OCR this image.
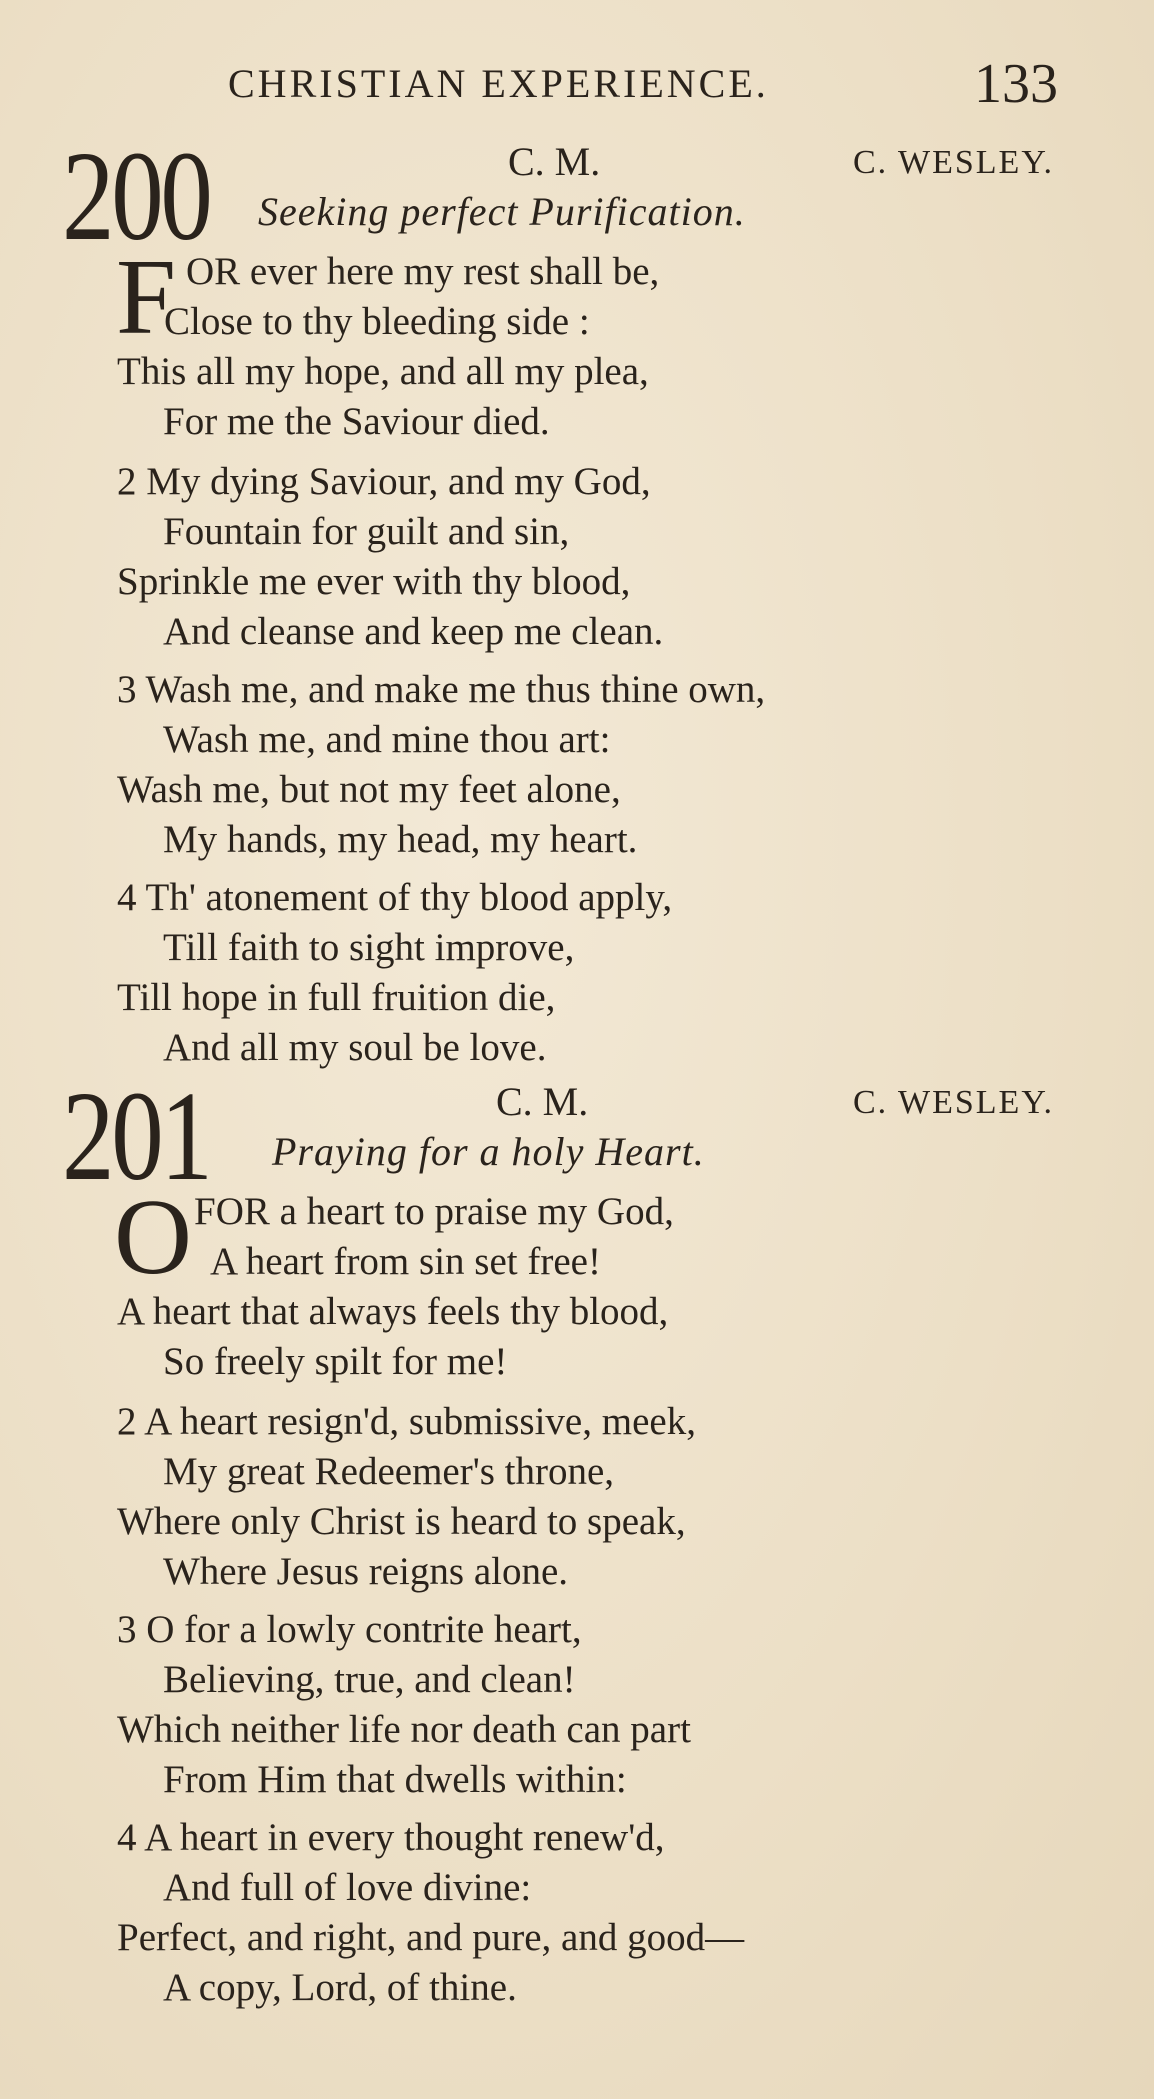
CHRISTIAN EXPERIENCE.	133
200	C. M.	C. WESLEY.
Seeking perfect Purification.
F OR ever here my rest shall be,
Close to thy bleeding side :
This all my hope, and all my plea,
For me the Saviour died.
2 My dying Saviour, and my God,
Fountain for guilt and sin,
Sprinkle me ever with thy blood,
And cleanse and keep me clean.
3 Wash me, and make me thus thine own,
Wash me, and mine thou art:
Wash me, but not my feet alone,
My hands, my head, my heart.
4 Th' atonement of thy blood apply,
Till faith to sight improve,
Till hope in full fruition die,
And all my soul be love.
201	C. M.	C. WESLEY.
Praying for a holy Heart.
O FOR a heart to praise my God,
A heart from sin set free!
A heart that always feels thy blood,
So freely spilt for me!
2 A heart resign'd, submissive, meek,
My great Redeemer's throne,
Where only Christ is heard to speak,
Where Jesus reigns alone.
3 O for a lowly contrite heart,
Believing, true, and clean!
Which neither life nor death can part
From Him that dwells within:
4 A heart in every thought renew'd,
And full of love divine:
Perfect, and right, and pure, and good—
A copy, Lord, of thine.
